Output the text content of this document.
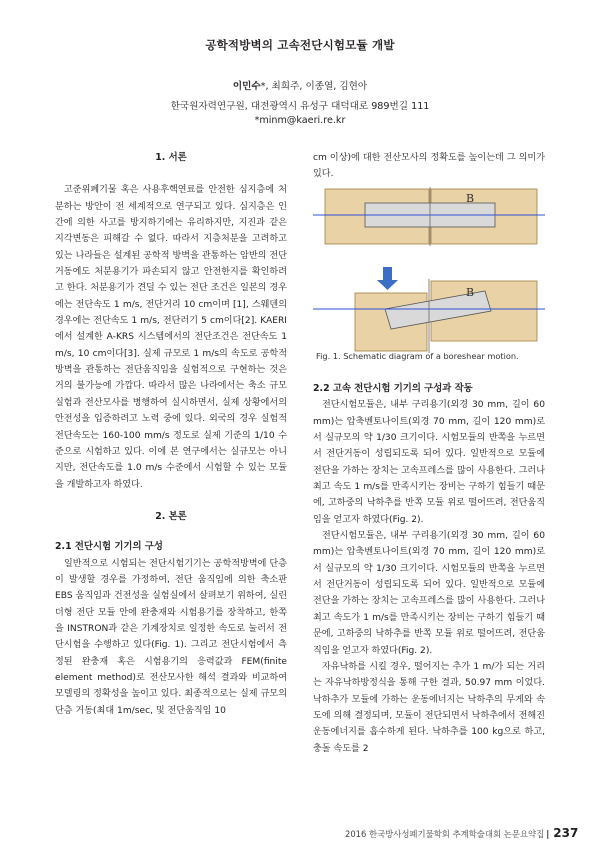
공학적방벽의 고속전단시험모듈 개발
이민수*, 최희주, 이종열, 김현아
한국원자력연구원, 대전광역시 유성구 대덕대로 989번길 111
*minm@kaeri.re.kr

1. 서론

고준위폐기물 혹은 사용후핵연료를 안전한 심지층에 처분하는 방안이 전 세계적으로 연구되고 있다. 심지층은 인간에 의한 사고를 방지하기에는 유리하지만, 지진과 같은 지각변동은 피해갈 수 없다. 따라서 지층처분을 고려하고 있는 나라들은 설계된 공학적 방벽을 관통하는 암반의 전단거동에도 처분용기가 파손되지 않고 안전한지를 확인하려고 한다. 처분용기가 견딜 수 있는 전단 조건은 일본의 경우에는 전단속도 1 m/s, 전단거리 10 cm이며 [1], 스웨덴의 경우에는 전단속도 1 m/s, 전단러기 5 cm이다[2]. KAERI에서 설계한 A-KRS 시스템에서의 전단조건은 전단속도 1 m/s, 10 cm이다[3]. 실제 규모로 1 m/s의 속도로 공학적 방벽을 관통하는 전단움직임을 실험적으로 구현하는 것은 거의 불가능에 가깝다. 따라서 많은 나라에서는 축소 규모 실험과 전산모사를 병행하여 실시하면서, 실제 상황에서의 안전성을 입증하려고 노력 중에 있다. 외국의 경우 실험적 전단속도는 160-100 mm/s 정도로 실제 기준의 1/10 수준으로 시험하고 있다. 이에 본 연구에서는 실규모는 아니지만, 전단속도를 1.0 m/s 수준에서 시험할 수 있는 모듈을 개발하고자 하였다.

2. 본론

2.1 전단시험 기기의 구성

일반적으로 시험되는 전단시험기기는 공학적방벽에 단층이 발생할 경우를 가정하여, 전단 움직임에 의한 축소판 EBS 움직임과 건전성을 실험실에서 살펴보기 위하여, 실린더형 전단 모듈 안에 완충재와 시험용기를 장착하고, 한쪽을 INSTRON과 같은 기계장치로 일정한 속도로 눌러서 전단시험을 수행하고 있다(Fig. 1). 그리고 전단시험에서 측정된 완충재 혹은 시험용기의 응력값과 FEM(finite element method)로 전산모사한 해석 결과와 비교하여 모델링의 정확성을 높이고 있다. 최종적으로는 실제 규모의 단층 거동(최대 1m/sec, 및 전단움직임 10

cm 이상)에 대한 전산모사의 정확도를 높이는데 그 의미가 있다.

B
B
Fig. 1. Schematic diagram of a boreshear motion.

2.2 고속 전단시험 기기의 구성과 작동

전단시험모듈은, 내부 구리용기(외경 30 mm, 길이 60 mm)는 압축벤토나이트(외경 70 mm, 길이 120 mm)로서 실규모의 약 1/30 크기이다. 시험모듈의 반쪽을 누르면서 전단거동이 성립되도록 되어 있다. 일반적으로 모듈에 전단을 가하는 장치는 고속프레스를 많이 사용한다. 그러나 최고 속도 1 m/s를 만족시키는 장비는 구하기 힘들기 때문에, 고하중의 낙하추를 반쪽 모듈 위로 떨어뜨려, 전단움직임을 얻고자 하였다(Fig. 2).

전단시험모듈은, 내부 구리용기(외경 30 mm, 길이 60 mm)는 압축벤토나이트(외경 70 mm, 길이 120 mm)로서 실규모의 약 1/30 크기이다. 시험모듈의 반쪽을 누르면서 전단거동이 성립되도록 되어 있다. 일반적으로 모듈에 전단을 가하는 장치는 고속프레스를 많이 사용한다. 그러나 최고 속도가 1 m/s를 만족시키는 장비는 구하기 힘들기 때문에, 고하중의 낙하추를 반쪽 모듈 위로 떨어뜨려, 전단움직임을 얻고자 하였다(Fig. 2).

자유낙하를 시킬 경우, 떨어지는 추가 1 m/가 되는 거리는 자유낙하방정식을 통해 구한 결과, 50.97 mm 이었다. 낙하추가 모듈에 가하는 운동에너지는 낙하추의 무게와 속도에 의해 결정되며, 모듈이 전단되면서 낙하추에서 전해진 운동에너지를 흡수하게 된다. 낙하추를 100 kg으로 하고, 충돌 속도를 2

2016 한국방사성폐기물학회 추계학술대회 논문요약집 | 237
